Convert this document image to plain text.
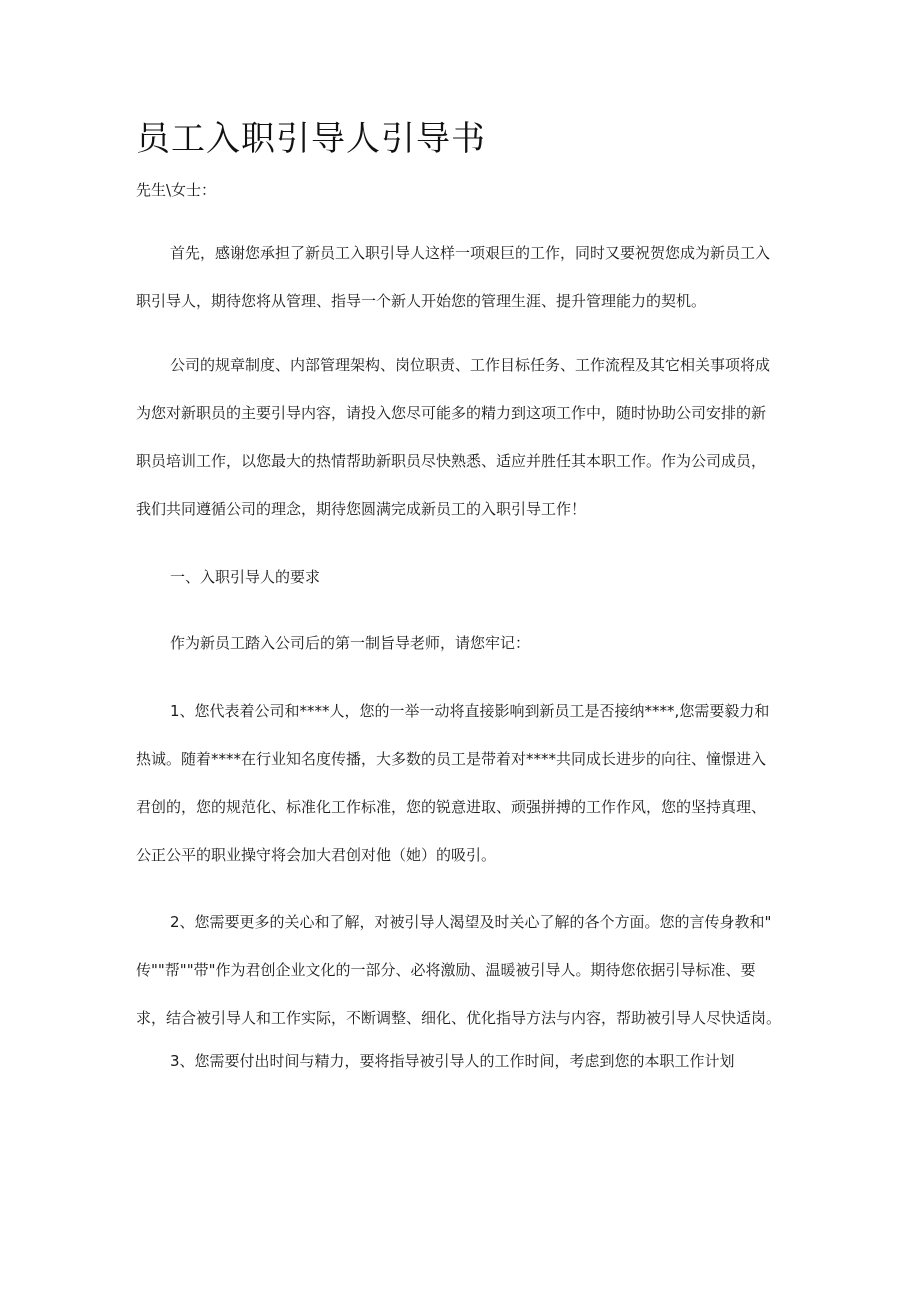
员工入职引导人引导书
先生\女士：
首先，感谢您承担了新员工入职引导人这样一项艰巨的工作，同时又要祝贺您成为新员工入
职引导人，期待您将从管理、指导一个新人开始您的管理生涯、提升管理能力的契机。
公司的规章制度、内部管理架构、岗位职责、工作目标任务、工作流程及其它相关事项将成
为您对新职员的主要引导内容，请投入您尽可能多的精力到这项工作中，随时协助公司安排的新
职员培训工作，以您最大的热情帮助新职员尽快熟悉、适应并胜任其本职工作。作为公司成员，
我们共同遵循公司的理念，期待您圆满完成新员工的入职引导工作！
一、入职引导人的要求
作为新员工踏入公司后的第一制旨导老师，请您牢记：
1、您代表着公司和****人，您的一举一动将直接影响到新员工是否接纳****,您需要毅力和
热诚。随着****在行业知名度传播，大多数的员工是带着对****共同成长进步的向往、憧憬进入
君创的，您的规范化、标准化工作标准，您的锐意进取、顽强拼搏的工作作风，您的坚持真理、
公正公平的职业操守将会加大君创对他（她）的吸引。
2、您需要更多的关心和了解，对被引导人渴望及时关心了解的各个方面。您的言传身教和"
传""帮""带"作为君创企业文化的一部分、必将激励、温暖被引导人。期待您依据引导标准、要
求，结合被引导人和工作实际，不断调整、细化、优化指导方法与内容，帮助被引导人尽快适岗。
3、您需要付出时间与精力，要将指导被引导人的工作时间，考虑到您的本职工作计划
